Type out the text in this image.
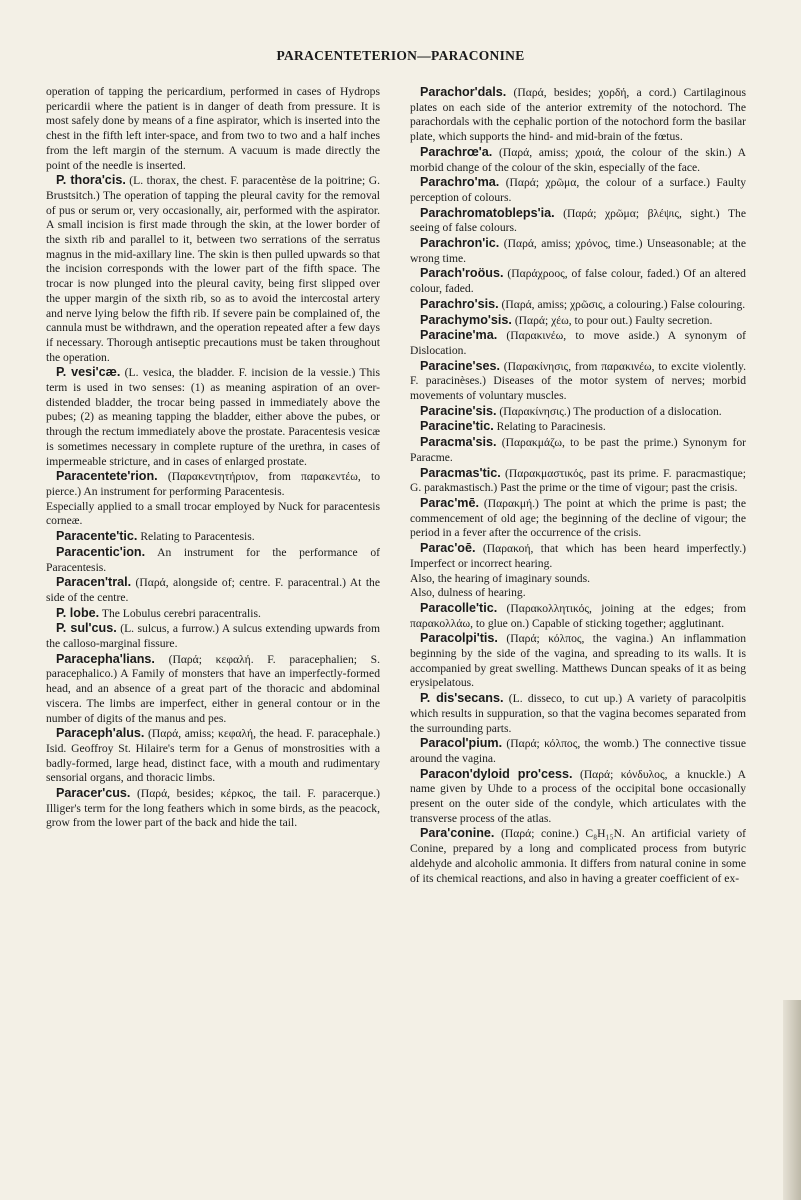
PARACENTETERION—PARACONINE

operation of tapping the pericardium, performed in cases of Hydrops pericardii where the patient is in danger of death from pressure. It is most safely done by means of a fine aspirator, which is inserted into the chest in the fifth left inter-space, and from two to two and a half inches from the left margin of the sternum. A vacuum is made directly the point of the needle is inserted.

P. thora'cis. (L. thorax, the chest. F. paracentèse de la poitrine; G. Brustsitch.) The operation of tapping the pleural cavity for the removal of pus or serum or, very occasionally, air, performed with the aspirator. A small incision is first made through the skin, at the lower border of the sixth rib and parallel to it, between two serrations of the serratus magnus in the mid-axillary line. The skin is then pulled upwards so that the incision corresponds with the lower part of the fifth space. The trocar is now plunged into the pleural cavity, being first slipped over the upper margin of the sixth rib, so as to avoid the intercostal artery and nerve lying below the fifth rib. If severe pain be complained of, the cannula must be withdrawn, and the operation repeated after a few days if necessary. Thorough antiseptic precautions must be taken throughout the operation.

P. vesi'cæ. (L. vesica, the bladder. F. incision de la vessie.) This term is used in two senses: (1) as meaning aspiration of an over-distended bladder, the trocar being passed in immediately above the pubes; (2) as meaning tapping the bladder, either above the pubes, or through the rectum immediately above the prostate. Paracentesis vesicæ is sometimes necessary in complete rupture of the urethra, in cases of impermeable stricture, and in cases of enlarged prostate.

Paracentete'rion. (Παρακεντητήριον, from παρακεντέω, to pierce.) An instrument for performing Paracentesis.

Especially applied to a small trocar employed by Nuck for paracentesis corneæ.

Paracente'tic. Relating to Paracentesis.

Paracentic'ion. An instrument for the performance of Paracentesis.

Paracen'tral. (Παρά, alongside of; centre. F. paracentral.) At the side of the centre.

P. lobe. The Lobulus cerebri paracentralis.

P. sul'cus. (L. sulcus, a furrow.) A sulcus extending upwards from the calloso-marginal fissure.

Paracepha'lians. (Παρά; κεφαλή. F. paracephalien; S. paracephalico.) A Family of monsters that have an imperfectly-formed head, and an absence of a great part of the thoracic and abdominal viscera. The limbs are imperfect, either in general contour or in the number of digits of the manus and pes.

Paraceph'alus. (Παρά, amiss; κεφαλή, the head. F. paracephale.) Isid. Geoffroy St. Hilaire's term for a Genus of monstrosities with a badly-formed, large head, distinct face, with a mouth and rudimentary sensorial organs, and thoracic limbs.

Paracer'cus. (Παρά, besides; κέρκος, the tail. F. paracerque.) Illiger's term for the long feathers which in some birds, as the peacock, grow from the lower part of the back and hide the tail.

Parachor'dals. (Παρά, besides; χορδή, a cord.) Cartilaginous plates on each side of the anterior extremity of the notochord. The parachordals with the cephalic portion of the notochord form the basilar plate, which supports the hind- and mid-brain of the fœtus.

Parachrœ'a. (Παρά, amiss; χροιά, the colour of the skin.) A morbid change of the colour of the skin, especially of the face.

Parachro'ma. (Παρά; χρῶμα, the colour of a surface.) Faulty perception of colours.

Parachromatobleps'ia. (Παρά; χρῶμα; βλέψις, sight.) The seeing of false colours.

Parachron'ic. (Παρά, amiss; χρόνος, time.) Unseasonable; at the wrong time.

Parach'roöus. (Παράχροος, of false colour, faded.) Of an altered colour, faded.

Parachro'sis. (Παρά, amiss; χρῶσις, a colouring.) False colouring.

Parachymo'sis. (Παρά; χέω, to pour out.) Faulty secretion.

Paracine'ma. (Παρακινέω, to move aside.) A synonym of Dislocation.

Paracine'ses. (Παρακίνησις, from παρακινέω, to excite violently. F. paracinèses.) Diseases of the motor system of nerves; morbid movements of voluntary muscles.

Paracine'sis. (Παρακίνησις.) The production of a dislocation.

Paracine'tic. Relating to Paracinesis.

Paracma'sis. (Παρακμάζω, to be past the prime.) Synonym for Paracme.

Paracmas'tic. (Παρακμαστικός, past its prime. F. paracmastique; G. parakmastisch.) Past the prime or the time of vigour; past the crisis.

Parac'mē. (Παρακμή.) The point at which the prime is past; the commencement of old age; the beginning of the decline of vigour; the period in a fever after the occurrence of the crisis.

Parac'oē. (Παρακοή, that which has been heard imperfectly.) Imperfect or incorrect hearing.

Also, the hearing of imaginary sounds.

Also, dulness of hearing.

Paracolle'tic. (Παρακολλητικός, joining at the edges; from παρακολλάω, to glue on.) Capable of sticking together; agglutinant.

Paracolpi'tis. (Παρά; κόλπος, the vagina.) An inflammation beginning by the side of the vagina, and spreading to its walls. It is accompanied by great swelling. Matthews Duncan speaks of it as being erysipelatous.

P. dis'secans. (L. disseco, to cut up.) A variety of paracolpitis which results in suppuration, so that the vagina becomes separated from the surrounding parts.

Paracol'pium. (Παρά; κόλπος, the womb.) The connective tissue around the vagina.

Paracon'dyloid pro'cess. (Παρά; κόνδυλος, a knuckle.) A name given by Uhde to a process of the occipital bone occasionally present on the outer side of the condyle, which articulates with the transverse process of the atlas.

Para'conine. (Παρά; conine.) C₈H₁₅N. An artificial variety of Conine, prepared by a long and complicated process from butyric aldehyde and alcoholic ammonia. It differs from natural conine in some of its chemical reactions, and also in having a greater coefficient of ex-
